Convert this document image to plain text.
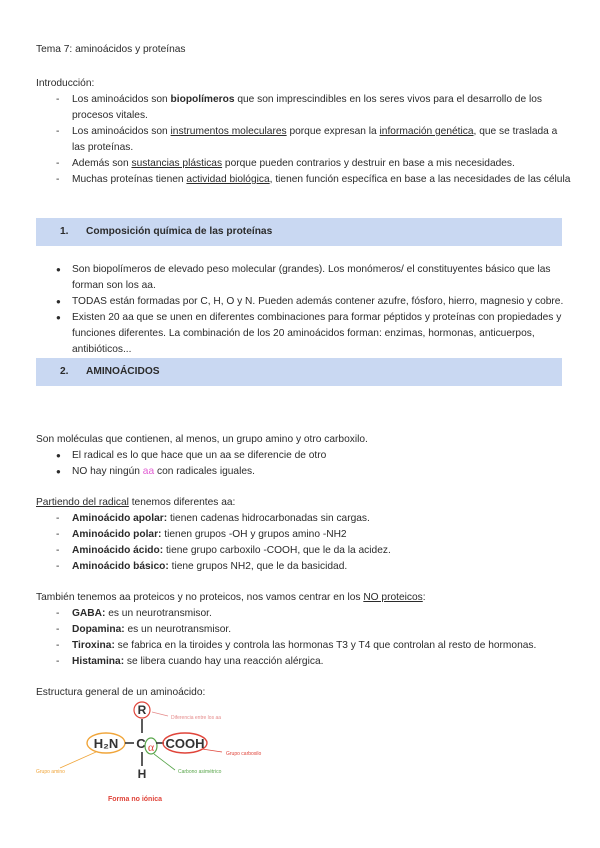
Tema 7: aminoácidos y proteínas
Introducción:
- Los aminoácidos son biopolímeros que son imprescindibles en los seres vivos para el desarrollo de los
procesos vitales.
- Los aminoácidos son instrumentos moleculares porque expresan la información genética, que se traslada a
las proteínas.
- Además son sustancias plásticas porque pueden contrarios y destruir en base a mis necesidades.
- Muchas proteínas tienen actividad biológica, tienen función específica en base a las necesidades de las célula
1. Composición química de las proteínas
● Son biopolímeros de elevado peso molecular (grandes). Los monómeros/ el constituyentes básico que las
forman son los aa.
● TODAS están formadas por C, H, O y N. Pueden además contener azufre, fósforo, hierro, magnesio y cobre.
● Existen 20 aa que se unen en diferentes combinaciones para formar péptidos y proteínas con propiedades y
funciones diferentes. La combinación de los 20 aminoácidos forman: enzimas, hormonas, anticuerpos,
antibióticos...
2. AMINOÁCIDOS
Son moléculas que contienen, al menos, un grupo amino y otro carboxilo.
● El radical es lo que hace que un aa se diferencie de otro
● NO hay ningún aa con radicales iguales.
Partiendo del radical tenemos diferentes aa:
- Aminoácido apolar: tienen cadenas hidrocarbonadas sin cargas.
- Aminoácido polar: tienen grupos -OH y grupos amino -NH2
- Aminoácido ácido: tiene grupo carboxilo -COOH, que le da la acidez.
- Aminoácido básico: tiene grupos NH2, que le da basicidad.
También tenemos aa proteicos y no proteicos, nos vamos centrar en los NO proteicos:
- GABA: es un neurotransmisor.
- Dopamina: es un neurotransmisor.
- Tiroxina: se fabrica en la tiroides y controla las hormonas T3 y T4 que controlan al resto de hormonas.
- Histamina: se libera cuando hay una reacción alérgica.
Estructura general de un aminoácido:
R
H₂N C α COOH
H
Diferencia entre los aa
Grupo amino
Grupo carboxilo
Carbono asimétrico
Forma no iónica
